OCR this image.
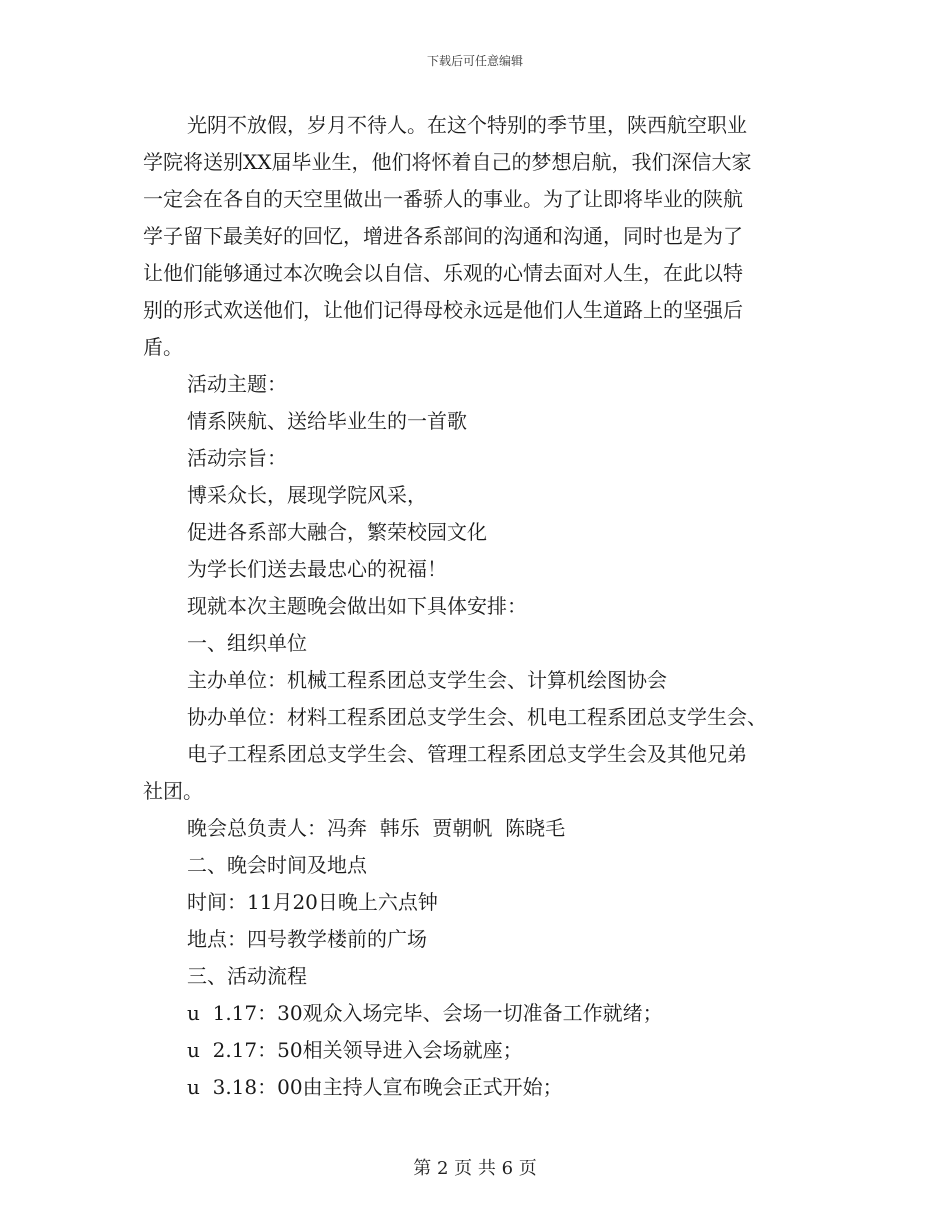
下载后可任意编辑

光阴不放假，岁月不待人。在这个特别的季节里，陕西航空职业

学院将送别XX届毕业生，他们将怀着自己的梦想启航，我们深信大家

一定会在各自的天空里做出一番骄人的事业。为了让即将毕业的陕航

学子留下最美好的回忆，增进各系部间的沟通和沟通，同时也是为了

让他们能够通过本次晚会以自信、乐观的心情去面对人生，在此以特

别的形式欢送他们，让他们记得母校永远是他们人生道路上的坚强后

盾。

活动主题：

情系陕航、送给毕业生的一首歌

活动宗旨：

博采众长，展现学院风采，

促进各系部大融合，繁荣校园文化

为学长们送去最忠心的祝福！

现就本次主题晚会做出如下具体安排：

一、组织单位

主办单位：机械工程系团总支学生会、计算机绘图协会

协办单位：材料工程系团总支学生会、机电工程系团总支学生会、

电子工程系团总支学生会、管理工程系团总支学生会及其他兄弟

社团。

晚会总负责人：冯奔  韩乐  贾朝帆  陈晓毛

二、晚会时间及地点

时间：11月20日晚上六点钟

地点：四号教学楼前的广场

三、活动流程

u  1.17：30观众入场完毕、会场一切准备工作就绪；

u  2.17：50相关领导进入会场就座；

u  3.18：00由主持人宣布晚会正式开始；

第 2 页 共 6 页
